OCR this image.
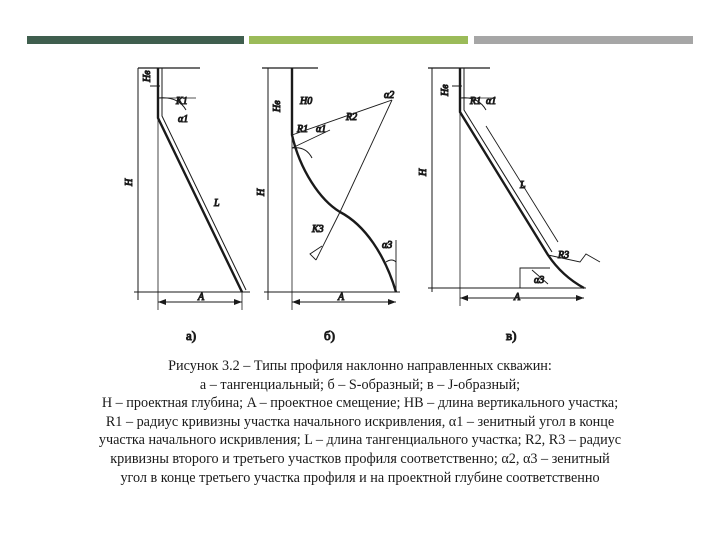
Нв
К1
α1
Н
L
A
Нв Н0
R1 α1
R2
α2
К3
α3
Н
A
Нв
R1 α1
Н
L
R3
α3
A
а)	б)	в)
Рисунок 3.2 – Типы профиля наклонно направленных скважин:
а – тангенциальный; б – S-образный; в – J-образный;
H – проектная глубина; A – проектное смещение; HB – длина вертикального участка;
R1 – радиус кривизны участка начального искривления, α1 – зенитный угол в конце
участка начального искривления; L – длина тангенциального участка; R2, R3 – радиус
кривизны второго и третьего участков профиля соответственно; α2, α3 – зенитный
угол в конце третьего участка профиля и на проектной глубине соответственно
